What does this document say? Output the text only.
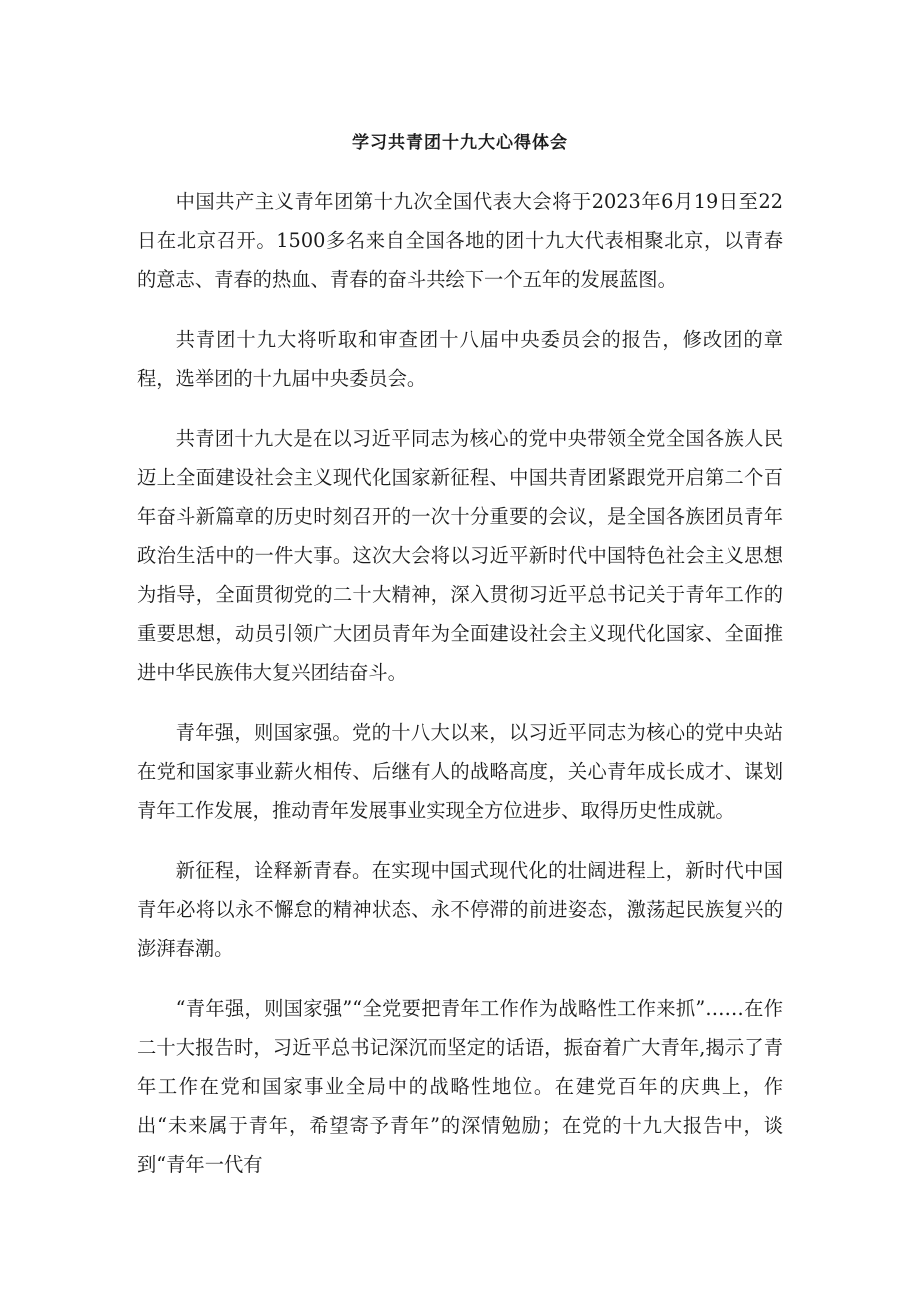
学习共青团十九大心得体会

中国共产主义青年团第十九次全国代表大会将于2023年6月19日至22日在北京召开。1500多名来自全国各地的团十九大代表相聚北京，以青春的意志、青春的热血、青春的奋斗共绘下一个五年的发展蓝图。

共青团十九大将听取和审查团十八届中央委员会的报告，修改团的章程，选举团的十九届中央委员会。

共青团十九大是在以习近平同志为核心的党中央带领全党全国各族人民迈上全面建设社会主义现代化国家新征程、中国共青团紧跟党开启第二个百年奋斗新篇章的历史时刻召开的一次十分重要的会议，是全国各族团员青年政治生活中的一件大事。这次大会将以习近平新时代中国特色社会主义思想为指导，全面贯彻党的二十大精神，深入贯彻习近平总书记关于青年工作的重要思想，动员引领广大团员青年为全面建设社会主义现代化国家、全面推进中华民族伟大复兴团结奋斗。

青年强，则国家强。党的十八大以来，以习近平同志为核心的党中央站在党和国家事业薪火相传、后继有人的战略高度，关心青年成长成才、谋划青年工作发展，推动青年发展事业实现全方位进步、取得历史性成就。

新征程，诠释新青春。在实现中国式现代化的壮阔进程上，新时代中国青年必将以永不懈怠的精神状态、永不停滞的前进姿态，激荡起民族复兴的澎湃春潮。

“青年强，则国家强”“全党要把青年工作作为战略性工作来抓”……在作二十大报告时，习近平总书记深沉而坚定的话语，振奋着广大青年,揭示了青年工作在党和国家事业全局中的战略性地位。在建党百年的庆典上，作出“未来属于青年，希望寄予青年”的深情勉励；在党的十九大报告中，谈到“青年一代有
